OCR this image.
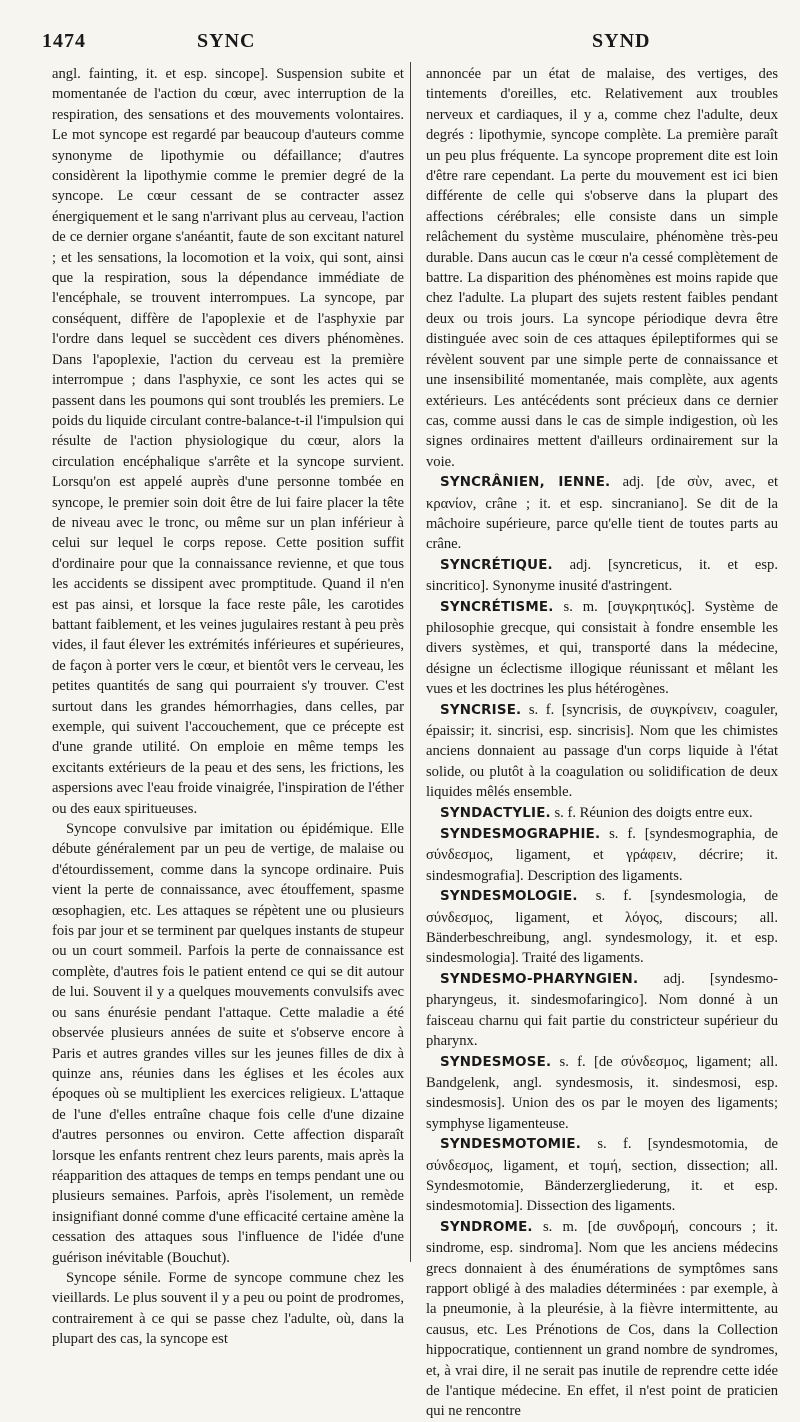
1474	SYNC	SYND

angl. fainting, it. et esp. sincope]. Suspension subite et momentanée de l'action du cœur, avec interruption de la respiration, des sensations et des mouvements volontaires. Le mot syncope est regardé par beaucoup d'auteurs comme synonyme de lipothymie ou défaillance; d'autres considèrent la lipothymie comme le premier degré de la syncope. Le cœur cessant de se contracter assez énergiquement et le sang n'arrivant plus au cerveau, l'action de ce dernier organe s'anéantit, faute de son excitant naturel ; et les sensations, la locomotion et la voix, qui sont, ainsi que la respiration, sous la dépendance immédiate de l'encéphale, se trouvent interrompues. La syncope, par conséquent, diffère de l'apoplexie et de l'asphyxie par l'ordre dans lequel se succèdent ces divers phénomènes. Dans l'apoplexie, l'action du cerveau est la première interrompue ; dans l'asphyxie, ce sont les actes qui se passent dans les poumons qui sont troublés les premiers. Le poids du liquide circulant contre-balance-t-il l'impulsion qui résulte de l'action physiologique du cœur, alors la circulation encéphalique s'arrête et la syncope survient. Lorsqu'on est appelé auprès d'une personne tombée en syncope, le premier soin doit être de lui faire placer la tête de niveau avec le tronc, ou même sur un plan inférieur à celui sur lequel le corps repose. Cette position suffit d'ordinaire pour que la connaissance revienne, et que tous les accidents se dissipent avec promptitude. Quand il n'en est pas ainsi, et lorsque la face reste pâle, les carotides battant faiblement, et les veines jugulaires restant à peu près vides, il faut élever les extrémités inférieures et supérieures, de façon à porter vers le cœur, et bientôt vers le cerveau, les petites quantités de sang qui pourraient s'y trouver. C'est surtout dans les grandes hémorrhagies, dans celles, par exemple, qui suivent l'accouchement, que ce précepte est d'une grande utilité. On emploie en même temps les excitants extérieurs de la peau et des sens, les frictions, les aspersions avec l'eau froide vinaigrée, l'inspiration de l'éther ou des eaux spiritueuses.

Syncope convulsive par imitation ou épidémique. Elle débute généralement par un peu de vertige, de malaise ou d'étourdissement, comme dans la syncope ordinaire. Puis vient la perte de connaissance, avec étouffement, spasme œsophagien, etc. Les attaques se répètent une ou plusieurs fois par jour et se terminent par quelques instants de stupeur ou un court sommeil. Parfois la perte de connaissance est complète, d'autres fois le patient entend ce qui se dit autour de lui. Souvent il y a quelques mouvements convulsifs avec ou sans énurésie pendant l'attaque. Cette maladie a été observée plusieurs années de suite et s'observe encore à Paris et autres grandes villes sur les jeunes filles de dix à quinze ans, réunies dans les églises et les écoles aux époques où se multiplient les exercices religieux. L'attaque de l'une d'elles entraîne chaque fois celle d'une dizaine d'autres personnes ou environ. Cette affection disparaît lorsque les enfants rentrent chez leurs parents, mais après la réapparition des attaques de temps en temps pendant une ou plusieurs semaines. Parfois, après l'isolement, un remède insignifiant donné comme d'une efficacité certaine amène la cessation des attaques sous l'influence de l'idée d'une guérison inévitable (Bouchut).

Syncope sénile. Forme de syncope commune chez les vieillards. Le plus souvent il y a peu ou point de prodromes, contrairement à ce qui se passe chez l'adulte, où, dans la plupart des cas, la syncope est

annoncée par un état de malaise, des vertiges, des tintements d'oreilles, etc. Relativement aux troubles nerveux et cardiaques, il y a, comme chez l'adulte, deux degrés : lipothymie, syncope complète. La première paraît un peu plus fréquente. La syncope proprement dite est loin d'être rare cependant. La perte du mouvement est ici bien différente de celle qui s'observe dans la plupart des affections cérébrales; elle consiste dans un simple relâchement du système musculaire, phénomène très-peu durable. Dans aucun cas le cœur n'a cessé complètement de battre. La disparition des phénomènes est moins rapide que chez l'adulte. La plupart des sujets restent faibles pendant deux ou trois jours. La syncope périodique devra être distinguée avec soin de ces attaques épileptiformes qui se révèlent souvent par une simple perte de connaissance et une insensibilité momentanée, mais complète, aux agents extérieurs. Les antécédents sont précieux dans ce dernier cas, comme aussi dans le cas de simple indigestion, où les signes ordinaires mettent d'ailleurs ordinairement sur la voie.

SYNCRÂNIEN, IENNE. adj. [de σὺν, avec, et κρανίον, crâne ; it. et esp. sincraniano]. Se dit de la mâchoire supérieure, parce qu'elle tient de toutes parts au crâne.

SYNCRÉTIQUE. adj. [syncreticus, it. et esp. sincritico]. Synonyme inusité d'astringent.

SYNCRÉTISME. s. m. [συγκρητικός]. Système de philosophie grecque, qui consistait à fondre ensemble les divers systèmes, et qui, transporté dans la médecine, désigne un éclectisme illogique réunissant et mêlant les vues et les doctrines les plus hétérogènes.

SYNCRISE. s. f. [syncrisis, de συγκρίνειν, coaguler, épaissir; it. sincrisi, esp. sincrisis]. Nom que les chimistes anciens donnaient au passage d'un corps liquide à l'état solide, ou plutôt à la coagulation ou solidification de deux liquides mêlés ensemble.

SYNDACTYLIE. s. f. Réunion des doigts entre eux.

SYNDESMOGRAPHIE. s. f. [syndesmographia, de σύνδεσμος, ligament, et γράφειν, décrire; it. sindesmografia]. Description des ligaments.

SYNDESMOLOGIE. s. f. [syndesmologia, de σύνδεσμος, ligament, et λόγος, discours; all. Bänderbeschreibung, angl. syndesmology, it. et esp. sindesmologia]. Traité des ligaments.

SYNDESMO-PHARYNGIEN. adj. [syndesmo-pharyngeus, it. sindesmofaringico]. Nom donné à un faisceau charnu qui fait partie du constricteur supérieur du pharynx.

SYNDESMOSE. s. f. [de σύνδεσμος, ligament; all. Bandgelenk, angl. syndesmosis, it. sindesmosi, esp. sindesmosis]. Union des os par le moyen des ligaments; symphyse ligamenteuse.

SYNDESMOTOMIE. s. f. [syndesmotomia, de σύνδεσμος, ligament, et τομή, section, dissection; all. Syndesmotomie, Bänderzergliederung, it. et esp. sindesmotomia]. Dissection des ligaments.

SYNDROME. s. m. [de συνδρομή, concours ; it. sindrome, esp. sindroma]. Nom que les anciens médecins grecs donnaient à des énumérations de symptômes sans rapport obligé à des maladies déterminées : par exemple, à la pneumonie, à la pleurésie, à la fièvre intermittente, au causus, etc. Les Prénotions de Cos, dans la Collection hippocratique, contiennent un grand nombre de syndromes, et, à vrai dire, il ne serait pas inutile de reprendre cette idée de l'antique médecine. En effet, il n'est point de praticien qui ne rencontre
